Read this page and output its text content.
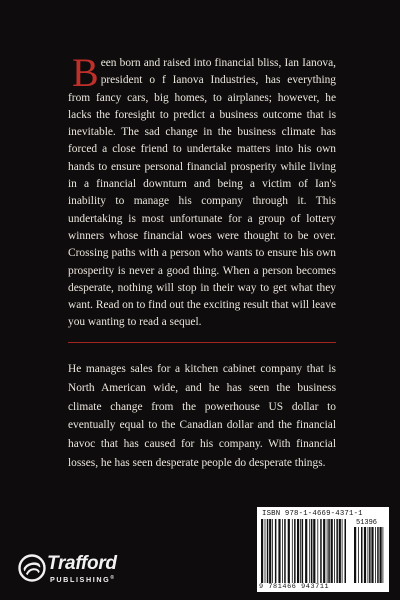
Been born and raised into financial bliss, Ian Ianova, president o f Ianova Industries, has everything from fancy cars, big homes, to airplanes; however, he lacks the foresight to predict a business outcome that is inevitable. The sad change in the business climate has forced a close friend to undertake matters into his own hands to ensure personal financial prosperity while living in a financial downturn and being a victim of Ian's inability to manage his company through it. This undertaking is most unfortunate for a group of lottery winners whose financial woes were thought to be over. Crossing paths with a person who wants to ensure his own prosperity is never a good thing. When a person becomes desperate, nothing will stop in their way to get what they want. Read on to find out the exciting result that will leave you wanting to read a sequel.

He manages sales for a kitchen cabinet company that is North American wide, and he has seen the business climate change from the powerhouse US dollar to eventually equal to the Canadian dollar and the financial havoc that has caused for his company. With financial losses, he has seen desperate people do desperate things.

Trafford
PUBLISHING®
ISBN 978-1-4669-4371-1
51396
9 781466 943711
